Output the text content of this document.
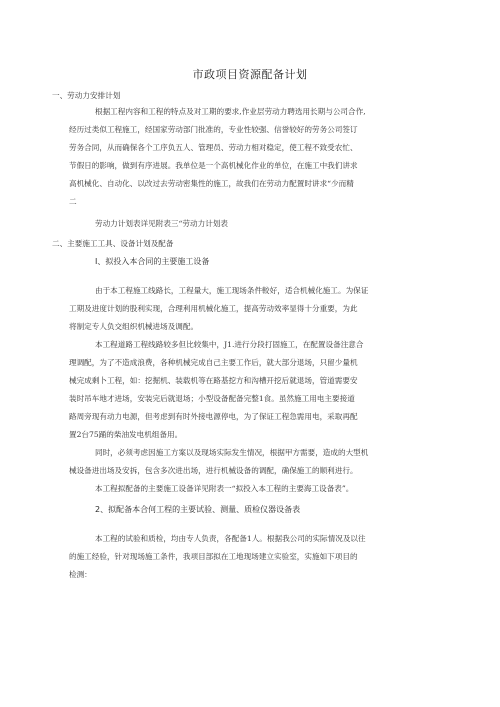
市政项目资源配备计划
一、劳动力安排计划
根据工程内容和工程的特点及对工期的要求,作业层劳动力聘选用长期与公司合作,
经历过类似工程施工，经国家劳动部门批准的，专业性较强、信誉较好的劳务公司签订
劳务合同，从而确保各个工序负五人、管理员、劳动力相对稳定，使工程不致受农忙、
节假日的影响，做到有序进展。我单位是一个高机械化作业的单位，在施工中我们讲求
高机械化、自动化、以改过去劳动密集性的施工，故我们在劳动力配置时讲求“少而精
二
劳动力计划表详见附表三“劳动力计划表
二、主要施工工具、设备计划及配备
I、拟投入本合同的主要施工设备
由于本工程施工线路长，工程量大，施工现场条件較好，适合机械化施工。为保证
工期及进度计划的股利实现，合理利用机械化施工，提高劳动效率显得十分重要，为此
将制定专人负交组织机械进场及调配。
本工程道路工程线路较多但比较集中，J1.进行分段打固施工，在配置设备注意合
理调配，为了不造成浪费，各种机械完成自己主要工作后，就大部分退场，只留少量机
械完成剩卜工程，如：挖掘机、装载机等在路基挖方和沟槽开挖后就退场，管道需要安
装时吊车地才进场，安装完后就退场；小型设备配备完整1食。虽然施工用电主要接道
路周旁现有动力电源，但考虑到有时外接电源停电，为了保证工程急需用电，采取再配
置2台75踊的柴油发电机组备用。
同时，必须考虑因施工方案以及现场实际发生情况，根据甲方需要，造成的大型机
械设备进出场及安拆，包含多次进出场，进行机械设备的调配，确保施工的顺利进行。
本工程拟配备的主要施工设备详见附表一“拟投入本工程的主要海工设备表”。
2、拟配备本合何工程的主要试验、测量、质检仪器设备表
本工程的试验和质检，均由专人负责，各配备1人。根据我公司的实际情况及以往
的施工经验，针对现场施工条件，我项目部拟在工地现场建立实验室，实施如下项目的
检测：
